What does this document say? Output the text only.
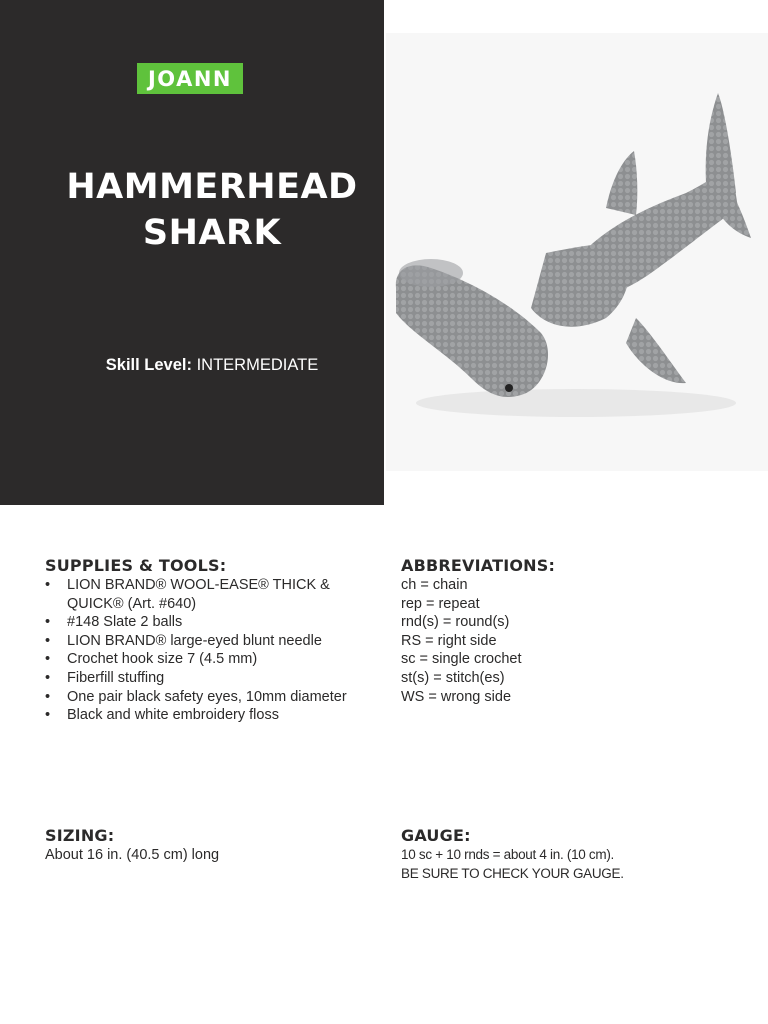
JOANN
HAMMERHEAD
SHARK
Skill Level: INTERMEDIATE
SUPPLIES & TOOLS:
• LION BRAND® WOOL-EASE® THICK & QUICK® (Art. #640)
• #148 Slate 2 balls
• LION BRAND® large-eyed blunt needle
• Crochet hook size 7 (4.5 mm)
• Fiberfill stuffing
• One pair black safety eyes, 10mm diameter
• Black and white embroidery floss
ABBREVIATIONS:
ch = chain
rep = repeat
rnd(s) = round(s)
RS = right side
sc = single crochet
st(s) = stitch(es)
WS = wrong side
SIZING:

About 16 in. (40.5 cm) long

GAUGE:
10 sc + 10 rnds = about 4 in. (10 cm).
BE SURE TO CHECK YOUR GAUGE.
